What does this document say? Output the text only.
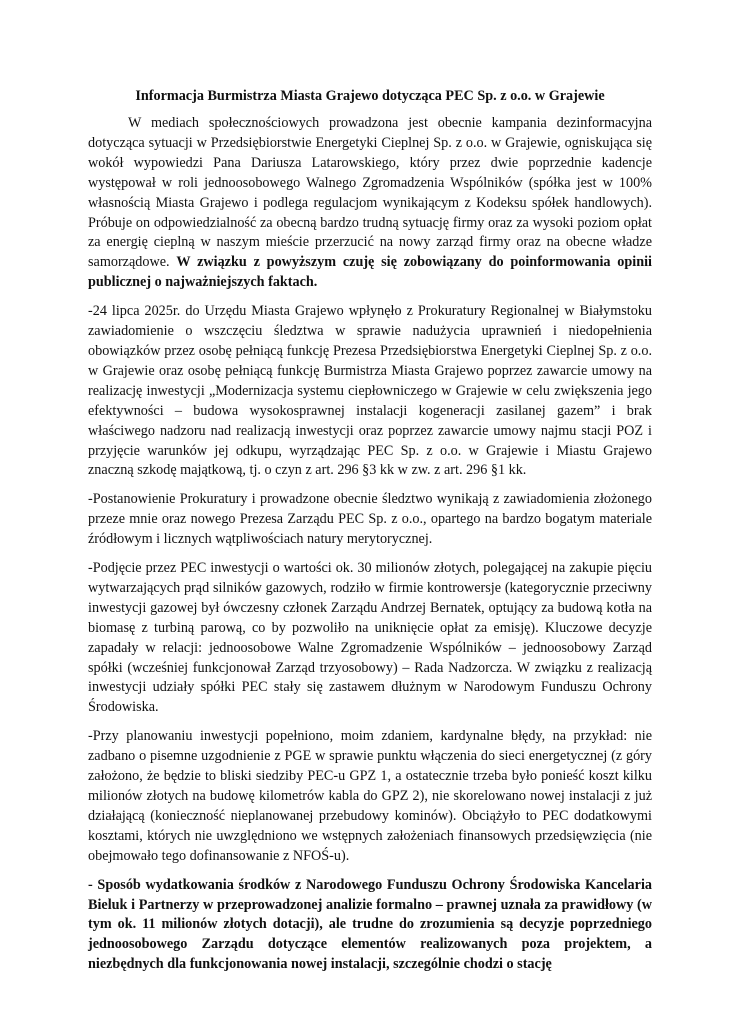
Informacja Burmistrza Miasta Grajewo dotycząca PEC Sp. z o.o. w Grajewie

W mediach społecznościowych prowadzona jest obecnie kampania dezinformacyjna dotycząca sytuacji w Przedsiębiorstwie Energetyki Cieplnej Sp. z o.o. w Grajewie, ogniskująca się wokół wypowiedzi Pana Dariusza Latarowskiego, który przez dwie poprzednie kadencje występował w roli jednoosobowego Walnego Zgromadzenia Wspólników (spółka jest w 100% własnością Miasta Grajewo i podlega regulacjom wynikającym z Kodeksu spółek handlowych). Próbuje on odpowiedzialność za obecną bardzo trudną sytuację firmy oraz za wysoki poziom opłat za energię cieplną w naszym mieście przerzucić na nowy zarząd firmy oraz na obecne władze samorządowe. W związku z powyższym czuję się zobowiązany do poinformowania opinii publicznej o najważniejszych faktach.

-24 lipca 2025r. do Urzędu Miasta Grajewo wpłynęło z Prokuratury Regionalnej w Białymstoku zawiadomienie o wszczęciu śledztwa w sprawie nadużycia uprawnień i niedopełnienia obowiązków przez osobę pełniącą funkcję Prezesa Przedsiębiorstwa Energetyki Cieplnej Sp. z o.o. w Grajewie oraz osobę pełniącą funkcję Burmistrza Miasta Grajewo poprzez zawarcie umowy na realizację inwestycji „Modernizacja systemu ciepłowniczego w Grajewie w celu zwiększenia jego efektywności – budowa wysokosprawnej instalacji kogeneracji zasilanej gazem” i brak właściwego nadzoru nad realizacją inwestycji oraz poprzez zawarcie umowy najmu stacji POZ i przyjęcie warunków jej odkupu, wyrządzając PEC Sp. z o.o. w Grajewie i Miastu Grajewo znaczną szkodę majątkową, tj. o czyn z art. 296 §3 kk w zw. z art. 296 §1 kk.

-Postanowienie Prokuratury i prowadzone obecnie śledztwo wynikają z zawiadomienia złożonego przeze mnie oraz nowego Prezesa Zarządu PEC Sp. z o.o., opartego na bardzo bogatym materiale źródłowym i licznych wątpliwościach natury merytorycznej.

-Podjęcie przez PEC inwestycji o wartości ok. 30 milionów złotych, polegającej na zakupie pięciu wytwarzających prąd silników gazowych, rodziło w firmie kontrowersje (kategorycznie przeciwny inwestycji gazowej był ówczesny członek Zarządu Andrzej Bernatek, optujący za budową kotła na biomasę z turbiną parową, co by pozwoliło na uniknięcie opłat za emisję). Kluczowe decyzje zapadały w relacji: jednoosobowe Walne Zgromadzenie Wspólników – jednoosobowy Zarząd spółki (wcześniej funkcjonował Zarząd trzyosobowy) – Rada Nadzorcza. W związku z realizacją inwestycji udziały spółki PEC stały się zastawem dłużnym w Narodowym Funduszu Ochrony Środowiska.

-Przy planowaniu inwestycji popełniono, moim zdaniem, kardynalne błędy, na przykład: nie zadbano o pisemne uzgodnienie z PGE w sprawie punktu włączenia do sieci energetycznej (z góry założono, że będzie to bliski siedziby PEC-u GPZ 1, a ostatecznie trzeba było ponieść koszt kilku milionów złotych na budowę kilometrów kabla do GPZ 2), nie skorelowano nowej instalacji z już działającą (konieczność nieplanowanej przebudowy kominów). Obciążyło to PEC dodatkowymi kosztami, których nie uwzględniono we wstępnych założeniach finansowych przedsięwzięcia (nie obejmowało tego dofinansowanie z NFOŚ-u).

- Sposób wydatkowania środków z Narodowego Funduszu Ochrony Środowiska Kancelaria Bieluk i Partnerzy w przeprowadzonej analizie formalno – prawnej uznała za prawidłowy (w tym ok. 11 milionów złotych dotacji), ale trudne do zrozumienia są decyzje poprzedniego jednoosobowego Zarządu dotyczące elementów realizowanych poza projektem, a niezbędnych dla funkcjonowania nowej instalacji, szczególnie chodzi o stację
